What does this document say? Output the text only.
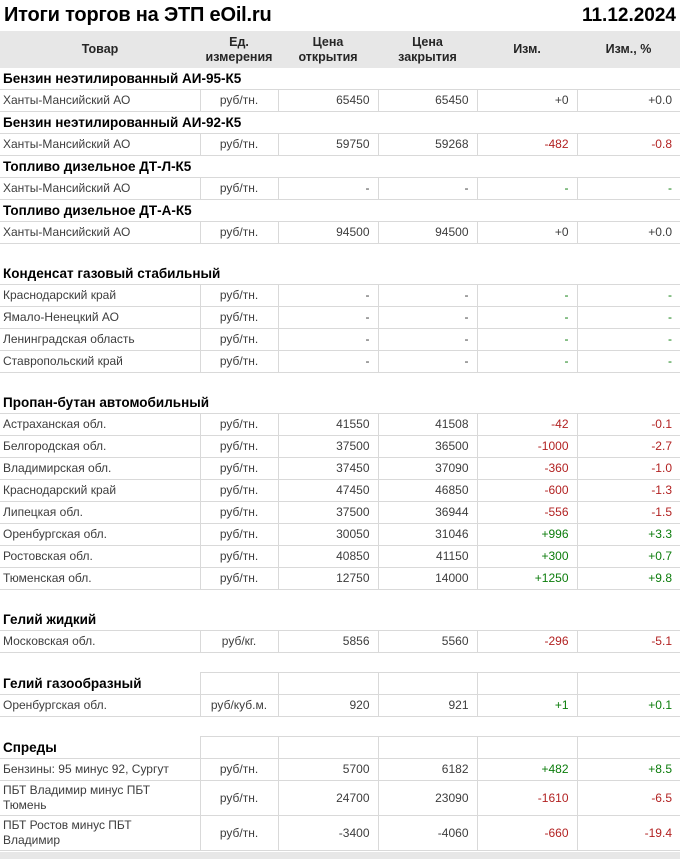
Итоги торгов на ЭТП eOil.ru	11.12.2024
Товар	Ед. измерения	Цена открытия	Цена закрытия	Изм.	Изм., %
Бензин неэтилированный АИ-95-К5					
Ханты-Мансийский АО	руб/тн.	65450	65450	+0	+0.0
Бензин неэтилированный АИ-92-К5					
Ханты-Мансийский АО	руб/тн.	59750	59268	-482	-0.8
Топливо дизельное ДТ-Л-К5					
Ханты-Мансийский АО	руб/тн.	-	-	-	-
Топливо дизельное ДТ-А-К5					
Ханты-Мансийский АО	руб/тн.	94500	94500	+0	+0.0

Конденсат газовый стабильный					
Краснодарский край	руб/тн.	-	-	-	-
Ямало-Ненецкий АО	руб/тн.	-	-	-	-
Ленинградская область	руб/тн.	-	-	-	-
Ставропольский край	руб/тн.	-	-	-	-

Пропан-бутан автомобильный					
Астраханская обл.	руб/тн.	41550	41508	-42	-0.1
Белгородская обл.	руб/тн.	37500	36500	-1000	-2.7
Владимирская обл.	руб/тн.	37450	37090	-360	-1.0
Краснодарский край	руб/тн.	47450	46850	-600	-1.3
Липецкая обл.	руб/тн.	37500	36944	-556	-1.5
Оренбургская обл.	руб/тн.	30050	31046	+996	+3.3
Ростовская обл.	руб/тн.	40850	41150	+300	+0.7
Тюменская обл.	руб/тн.	12750	14000	+1250	+9.8

Гелий жидкий					
Московская обл.	руб/кг.	5856	5560	-296	-5.1

Гелий газообразный					
Оренбургская обл.	руб/куб.м.	920	921	+1	+0.1

Спреды					
Бензины: 95 минус 92, Сургут	руб/тн.	5700	6182	+482	+8.5
ПБТ Владимир минус ПБТ Тюмень	руб/тн.	24700	23090	-1610	-6.5
ПБТ Ростов минус ПБТ Владимир	руб/тн.	-3400	-4060	-660	-19.4
